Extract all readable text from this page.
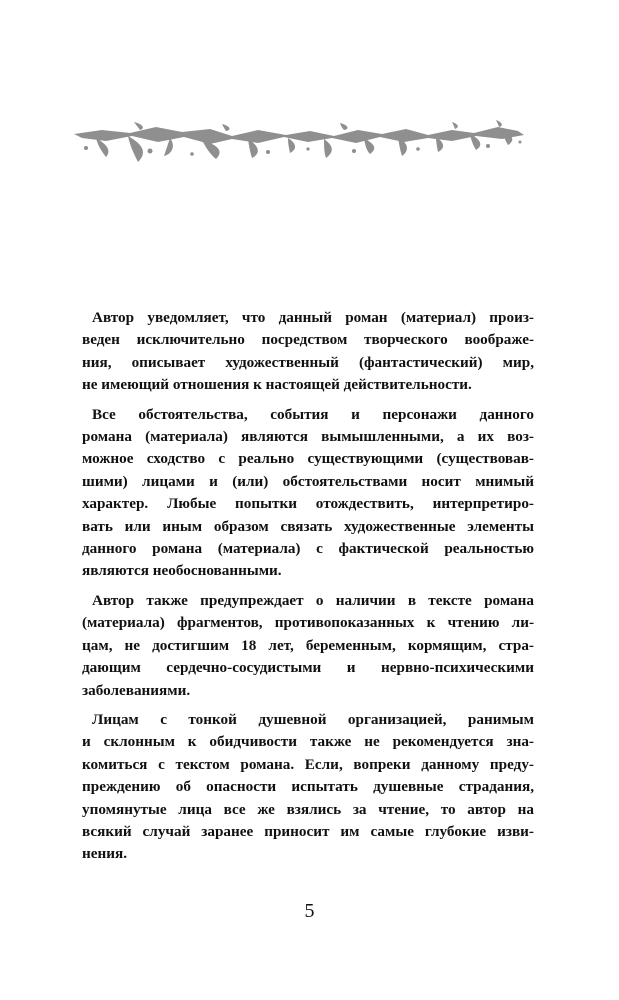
Автор уведомляет, что данный роман (материал) произ-
веден исключительно посредством творческого воображе-
ния, описывает художественный (фантастический) мир,
не имеющий отношения к настоящей действительности.

Все обстоятельства, события и персонажи данного
романа (материала) являются вымышленными, а их воз-
можное сходство с реально существующими (существовав-
шими) лицами и (или) обстоятельствами носит мнимый
характер. Любые попытки отождествить, интерпретиро-
вать или иным образом связать художественные элементы
данного романа (материала) с фактической реальностью
являются необоснованными.

Автор также предупреждает о наличии в тексте романа
(материала) фрагментов, противопоказанных к чтению ли-
цам, не достигшим 18 лет, беременным, кормящим, стра-
дающим сердечно-сосудистыми и нервно-психическими
заболеваниями.

Лицам с тонкой душевной организацией, ранимым
и склонным к обидчивости также не рекомендуется зна-
комиться с текстом романа. Если, вопреки данному преду-
преждению об опасности испытать душевные страдания,
упомянутые лица все же взялись за чтение, то автор на
всякий случай заранее приносит им самые глубокие изви-
нения.

5
